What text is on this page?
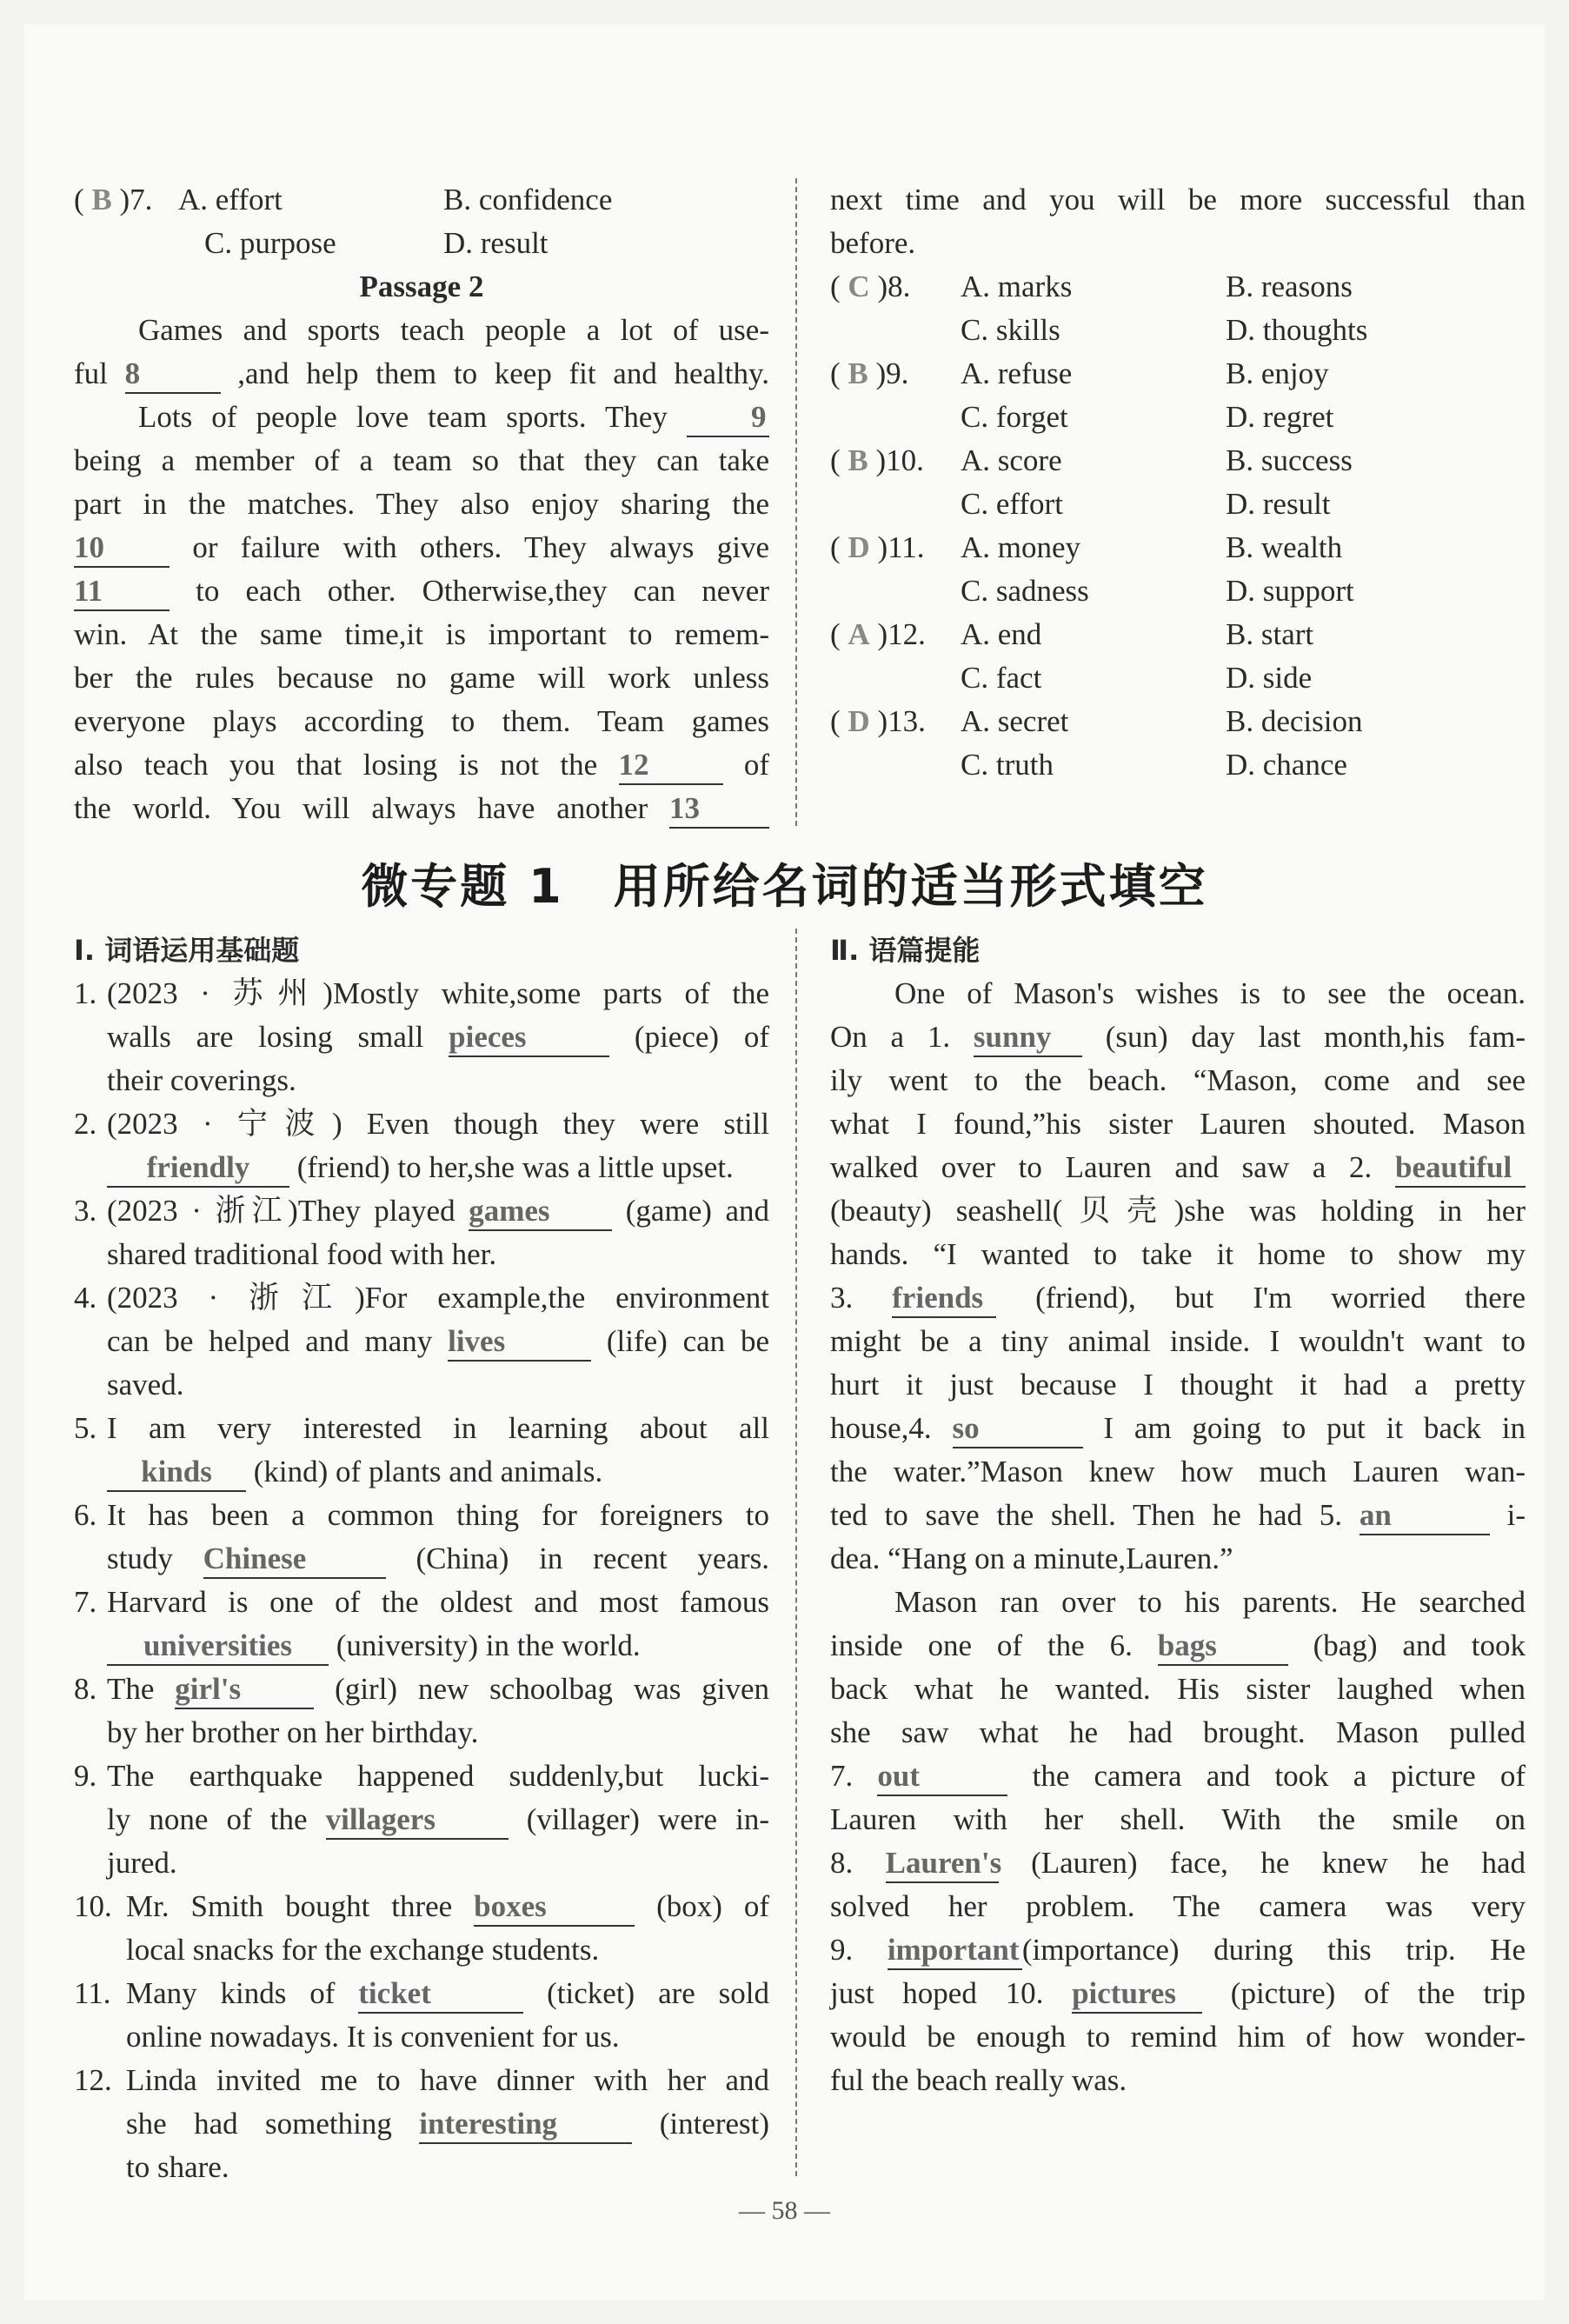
( B )7. A. effort	B. confidence
C. purpose	D. result

Passage 2

Games and sports teach people a lot of use-

ful 8	,and help them to keep fit and healthy.

Lots of people love team sports. They	9

being a member of a team so that they can take

part in the matches. They also enjoy sharing the

10	or failure with others. They always give

11	to each other. Otherwise,they can never

win. At the same time,it is important to remem-

ber the rules because no game will work unless

everyone plays according to them. Team games

also teach you that losing is not the 12	of

the world. You will always have another 13

next time and you will be more successful than

before.

( C )8.	A. marks	B. reasons
C. skills	D. thoughts
( B )9.	A. refuse	B. enjoy
C. forget	D. regret
( B )10.	A. score	B. success
C. effort	D. result
( D )11.	A. money	B. wealth
C. sadness	D. support
( A )12.	A. end	B. start
C. fact	D. side
( D )13.	A. secret	B. decision
C. truth	D. chance
微专题 1　用所给名词的适当形式填空
Ⅰ. 词语运用基础题
1. (2023 · 苏州)Mostly white,some parts of the

walls are losing small pieces	(piece) of

their coverings.

2. (2023 · 宁波) Even though they were still

friendly (friend) to her,she was a little upset.

3. (2023 · 浙江)They played games (game) and

shared traditional food with her.

4. (2023 · 浙江)For example,the environment

can be helped and many lives	(life) can be

saved.

5. I am very interested in learning about all

kinds (kind) of plants and animals.

6. It has been a common thing for foreigners to

study Chinese	(China) in recent years.

7. Harvard is one of the oldest and most famous

universities (university) in the world.

8. The girl's	(girl) new schoolbag was given

by her brother on her birthday.

9. The earthquake happened suddenly,but lucki-

ly none of the villagers	(villager) were in-

jured.

10. Mr. Smith bought three boxes	(box) of

local snacks for the exchange students.

11. Many kinds of ticket	(ticket) are sold

online nowadays. It is convenient for us.

12. Linda invited me to have dinner with her and

she had something interesting	(interest)

to share.

Ⅱ. 语篇提能

One of Mason's wishes is to see the ocean.

On a 1. sunny (sun) day last month,his fam-

ily went to the beach. “Mason, come and see

what I found,”his sister Lauren shouted. Mason

walked over to Lauren and saw a 2. beautiful

(beauty) seashell(贝壳)she was holding in her

hands. “I wanted to take it home to show my

3. friends (friend), but I'm worried there

might be a tiny animal inside. I wouldn't want to

hurt it just because I thought it had a pretty

house,4. so	I am going to put it back in

the water.”Mason knew how much Lauren wan-

ted to save the shell. Then he had 5. an	i-

dea. “Hang on a minute,Lauren.”

Mason ran over to his parents. He searched

inside one of the 6. bags	(bag) and took

back what he wanted. His sister laughed when

she saw what he had brought. Mason pulled

7. out	the camera and took a picture of

Lauren with her shell. With the smile on

8. Lauren's (Lauren) face, he knew he had

solved her problem. The camera was very

9. important(importance) during this trip. He

just hoped 10. pictures (picture) of the trip

would be enough to remind him of how wonder-

ful the beach really was.

— 58 —
